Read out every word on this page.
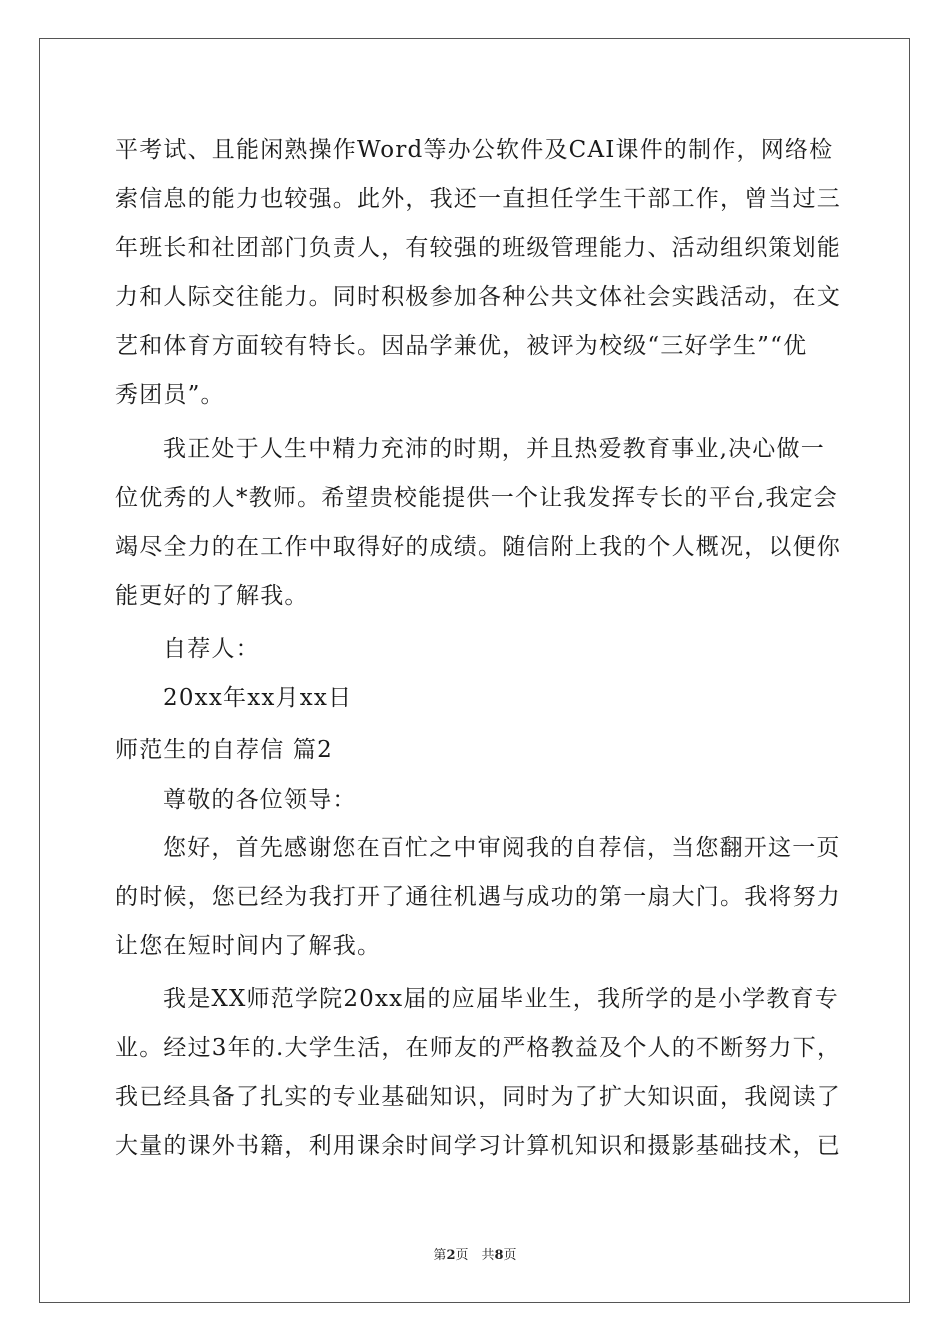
平考试、且能闲熟操作Word等办公软件及CAI课件的制作，网络检
索信息的能力也较强。此外，我还一直担任学生干部工作，曾当过三
年班长和社团部门负责人，有较强的班级管理能力、活动组织策划能
力和人际交往能力。同时积极参加各种公共文体社会实践活动，在文
艺和体育方面较有特长。因品学兼优，被评为校级“三好学生”“优
秀团员”。
我正处于人生中精力充沛的时期，并且热爱教育事业,决心做一
位优秀的人*教师。希望贵校能提供一个让我发挥专长的平台,我定会
竭尽全力的在工作中取得好的成绩。随信附上我的个人概况，以便你
能更好的了解我。
自荐人：
20xx年xx月xx日
师范生的自荐信 篇2
尊敬的各位领导：
您好，首先感谢您在百忙之中审阅我的自荐信，当您翻开这一页
的时候，您已经为我打开了通往机遇与成功的第一扇大门。我将努力
让您在短时间内了解我。
我是XX师范学院20xx届的应届毕业生，我所学的是小学教育专
业。经过3年的.大学生活，在师友的严格教益及个人的不断努力下，
我已经具备了扎实的专业基础知识，同时为了扩大知识面，我阅读了
大量的课外书籍，利用课余时间学习计算机知识和摄影基础技术，已
第2页　共8页
